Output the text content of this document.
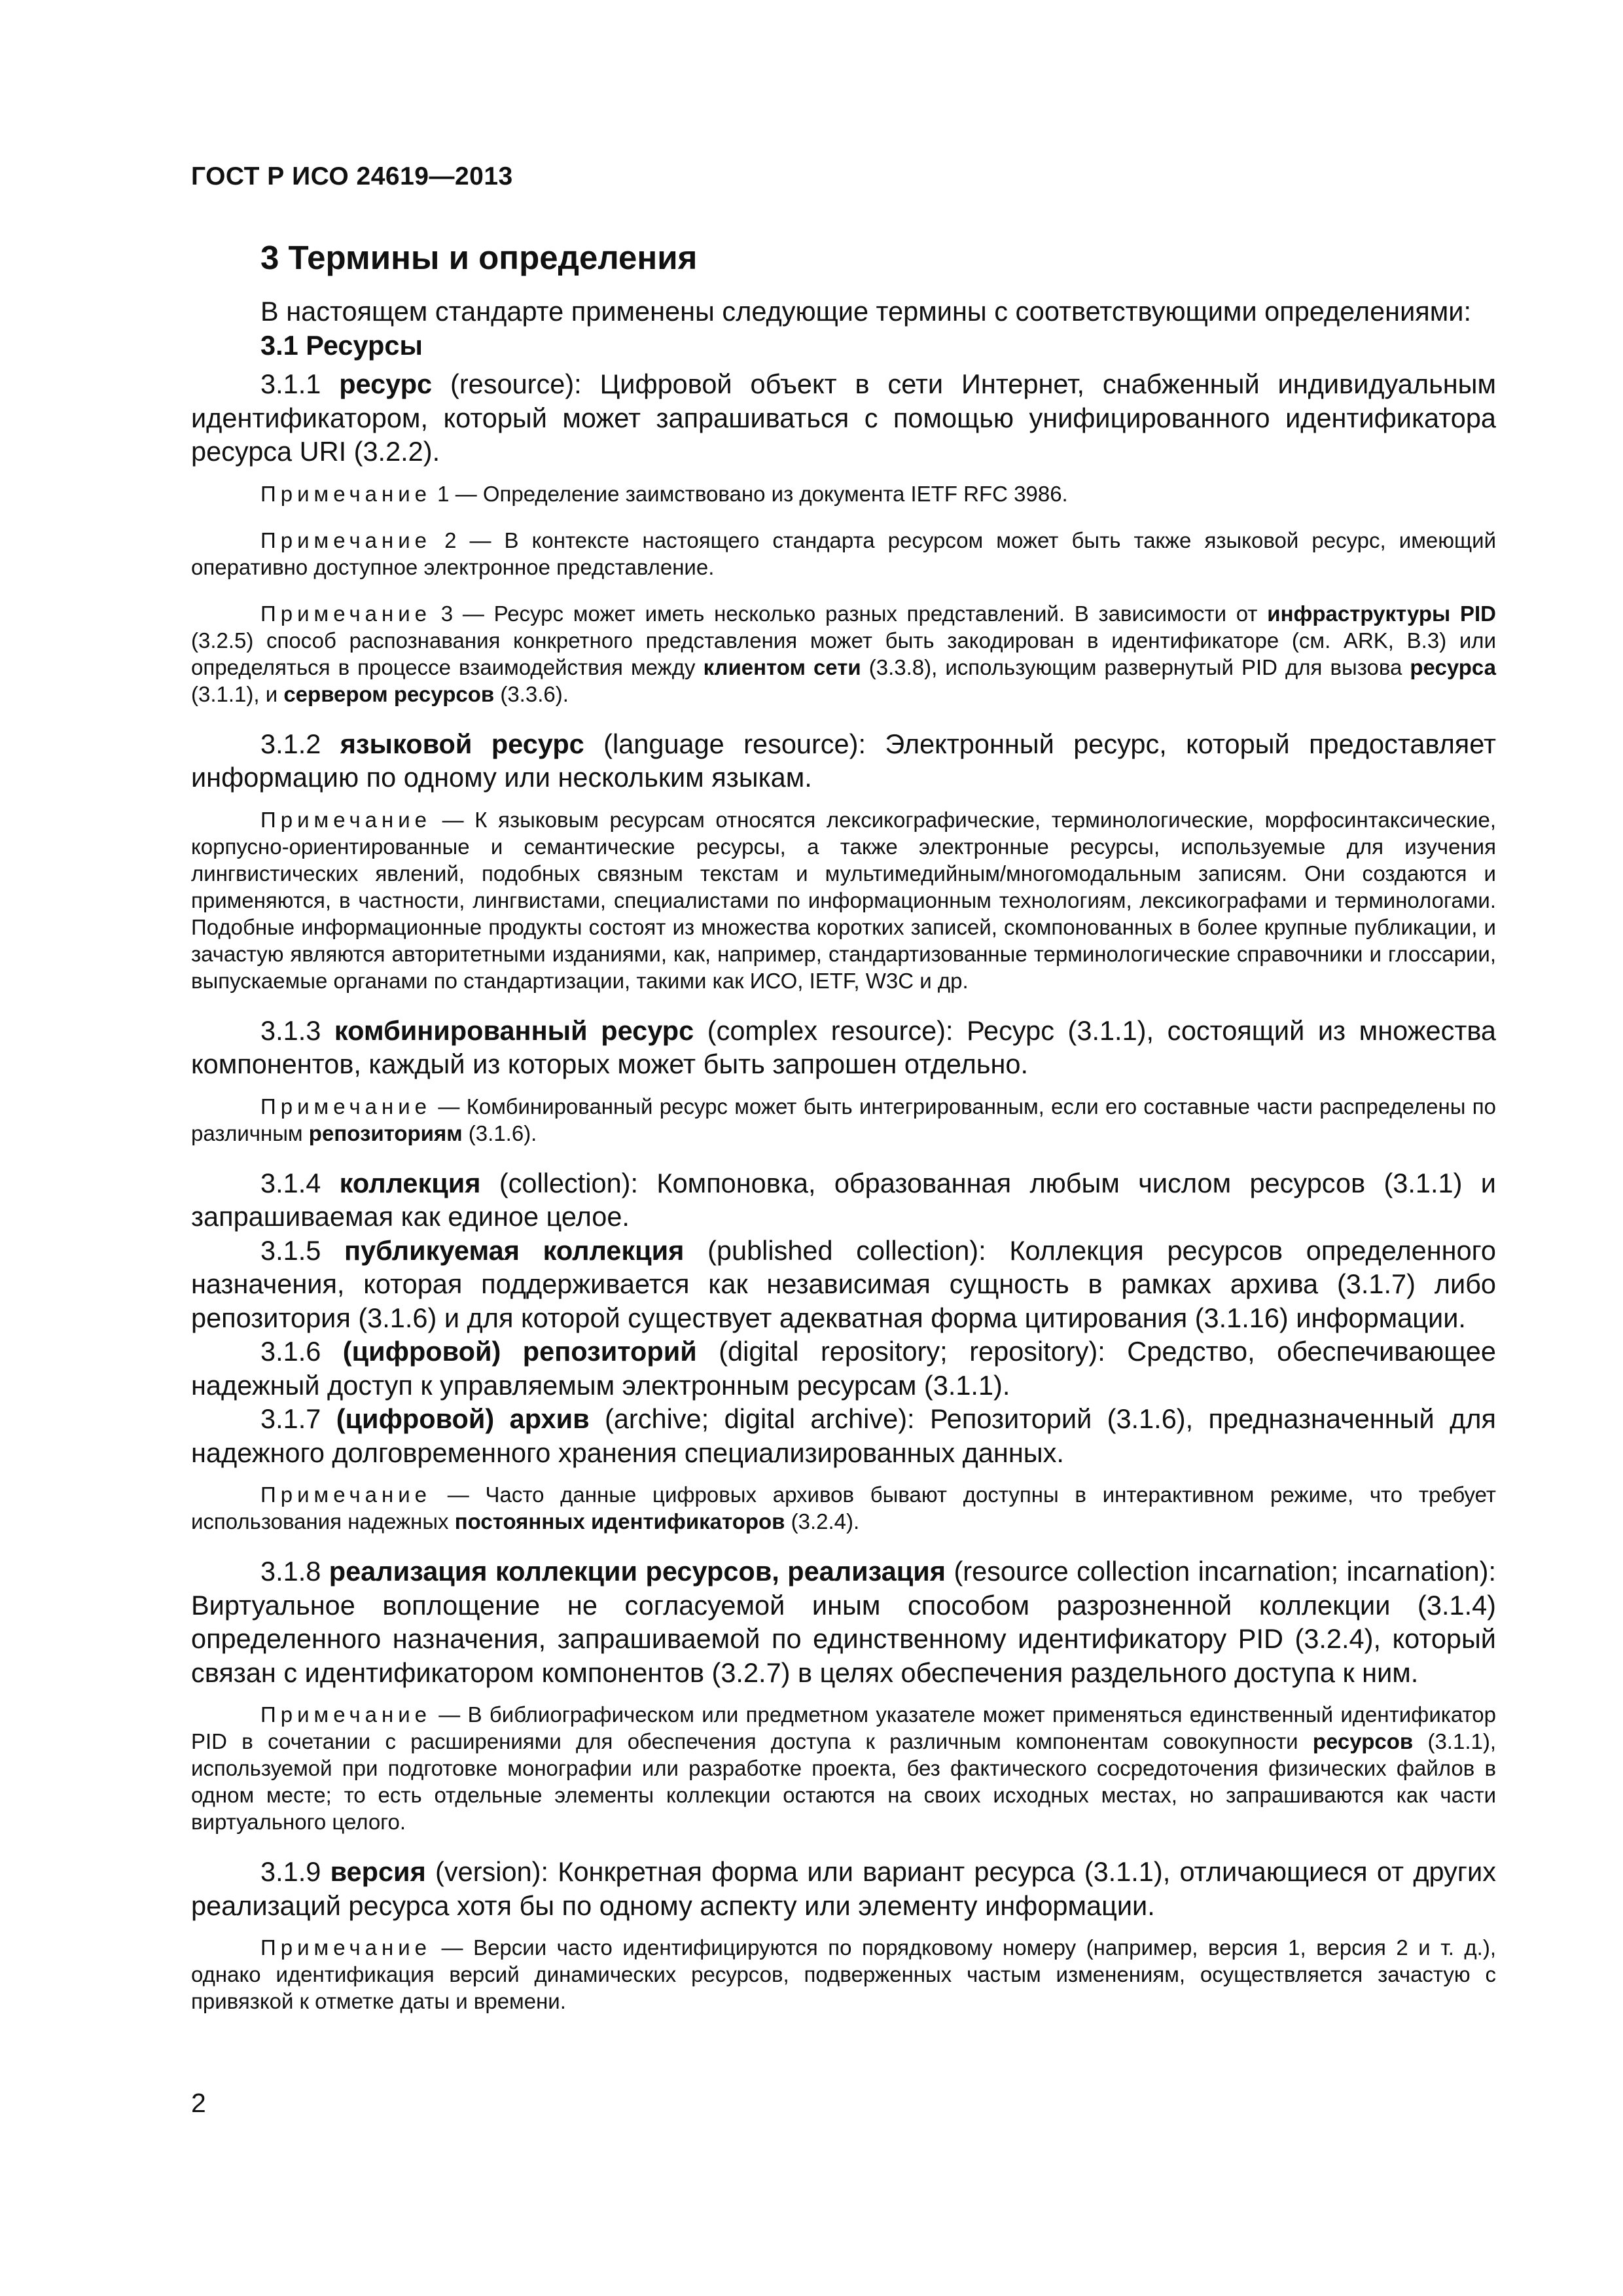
ГОСТ Р ИСО 24619—2013
3 Термины и определения

В настоящем стандарте применены следующие термины с соответствующими определениями:

3.1 Ресурсы

3.1.1 ресурс (resource): Цифровой объект в сети Интернет, снабженный индивидуальным идентификатором, который может запрашиваться с помощью унифицированного идентификатора ресурса URI (3.2.2).

Примечание 1 — Определение заимствовано из документа IETF RFC 3986.

Примечание 2 — В контексте настоящего стандарта ресурсом может быть также языковой ресурс, имеющий оперативно доступное электронное представление.

Примечание 3 — Ресурс может иметь несколько разных представлений. В зависимости от инфраструктуры PID (3.2.5) способ распознавания конкретного представления может быть закодирован в идентификаторе (см. ARK, B.3) или определяться в процессе взаимодействия между клиентом сети (3.3.8), использующим развернутый PID для вызова ресурса (3.1.1), и сервером ресурсов (3.3.6).

3.1.2 языковой ресурс (language resource): Электронный ресурс, который предоставляет информацию по одному или нескольким языкам.

Примечание — К языковым ресурсам относятся лексикографические, терминологические, морфосинтаксические, корпусно-ориентированные и семантические ресурсы, а также электронные ресурсы, используемые для изучения лингвистических явлений, подобных связным текстам и мультимедийным/многомодальным записям. Они создаются и применяются, в частности, лингвистами, специалистами по информационным технологиям, лексикографами и терминологами. Подобные информационные продукты состоят из множества коротких записей, скомпонованных в более крупные публикации, и зачастую являются авторитетными изданиями, как, например, стандартизованные терминологические справочники и глоссарии, выпускаемые органами по стандартизации, такими как ИСО, IETF, W3C и др.

3.1.3 комбинированный ресурс (complex resource): Ресурс (3.1.1), состоящий из множества компонентов, каждый из которых может быть запрошен отдельно.

Примечание — Комбинированный ресурс может быть интегрированным, если его составные части распределены по различным репозиториям (3.1.6).

3.1.4 коллекция (collection): Компоновка, образованная любым числом ресурсов (3.1.1) и запрашиваемая как единое целое.

3.1.5 публикуемая коллекция (published collection): Коллекция ресурсов определенного назначения, которая поддерживается как независимая сущность в рамках архива (3.1.7) либо репозитория (3.1.6) и для которой существует адекватная форма цитирования (3.1.16) информации.

3.1.6 (цифровой) репозиторий (digital repository; repository): Средство, обеспечивающее надежный доступ к управляемым электронным ресурсам (3.1.1).

3.1.7 (цифровой) архив (archive; digital archive): Репозиторий (3.1.6), предназначенный для надежного долговременного хранения специализированных данных.

Примечание — Часто данные цифровых архивов бывают доступны в интерактивном режиме, что требует использования надежных постоянных идентификаторов (3.2.4).

3.1.8 реализация коллекции ресурсов, реализация (resource collection incarnation; incarnation): Виртуальное воплощение не согласуемой иным способом разрозненной коллекции (3.1.4) определенного назначения, запрашиваемой по единственному идентификатору PID (3.2.4), который связан с идентификатором компонентов (3.2.7) в целях обеспечения раздельного доступа к ним.

Примечание — В библиографическом или предметном указателе может применяться единственный идентификатор PID в сочетании с расширениями для обеспечения доступа к различным компонентам совокупности ресурсов (3.1.1), используемой при подготовке монографии или разработке проекта, без фактического сосредоточения физических файлов в одном месте; то есть отдельные элементы коллекции остаются на своих исходных местах, но запрашиваются как части виртуального целого.

3.1.9 версия (version): Конкретная форма или вариант ресурса (3.1.1), отличающиеся от других реализаций ресурса хотя бы по одному аспекту или элементу информации.

Примечание — Версии часто идентифицируются по порядковому номеру (например, версия 1, версия 2 и т. д.), однако идентификация версий динамических ресурсов, подверженных частым изменениям, осуществляется зачастую с привязкой к отметке даты и времени.

2
